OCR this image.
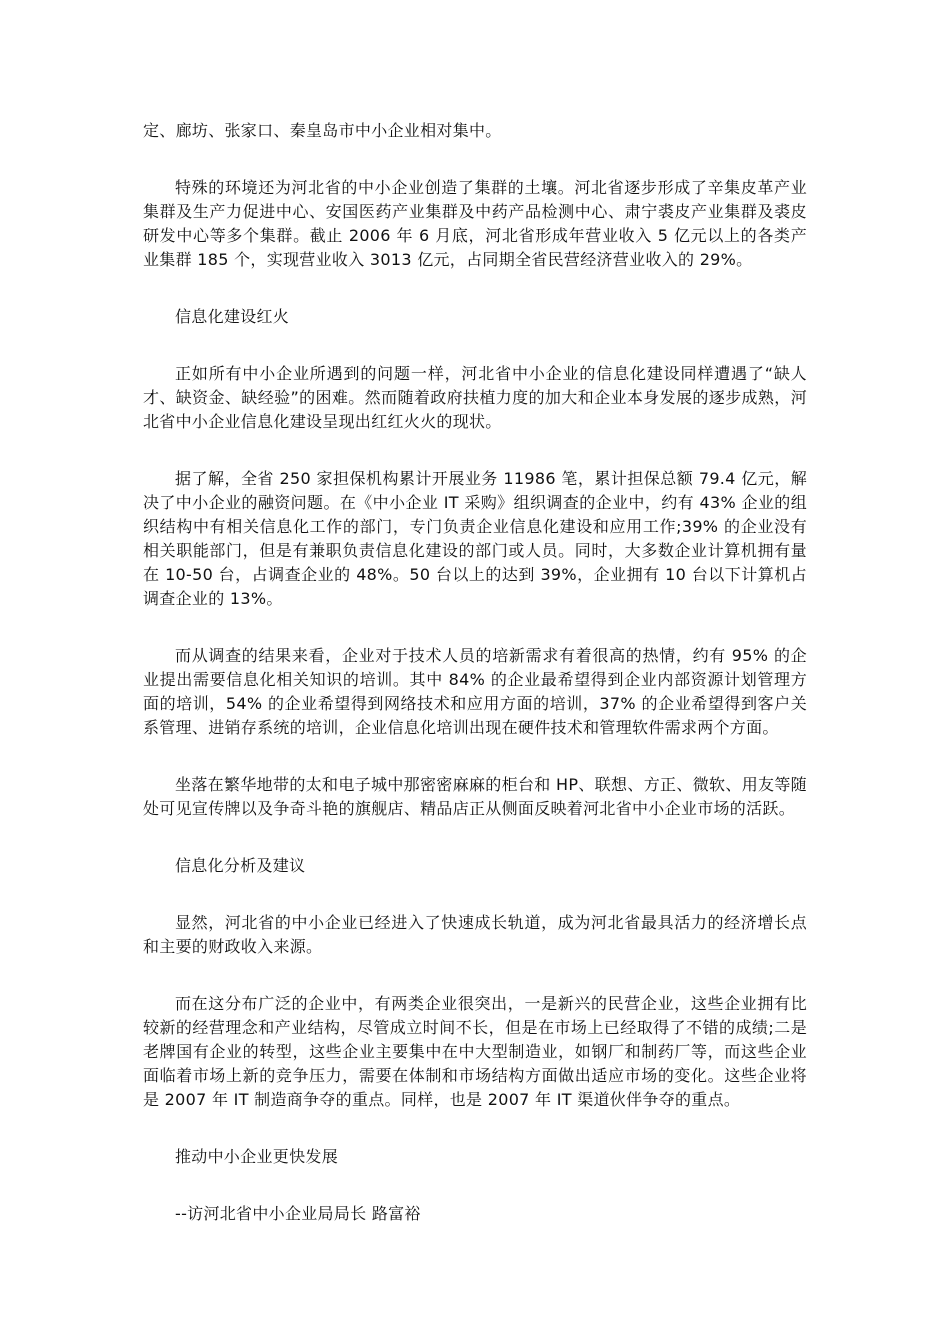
定、廊坊、张家口、秦皇岛市中小企业相对集中。

特殊的环境还为河北省的中小企业创造了集群的土壤。河北省逐步形成了辛集皮革产业集群及生产力促进中心、安国医药产业集群及中药产品检测中心、肃宁裘皮产业集群及裘皮研发中心等多个集群。截止 2006 年 6 月底，河北省形成年营业收入 5 亿元以上的各类产业集群 185 个，实现营业收入 3013 亿元，占同期全省民营经济营业收入的 29%。

信息化建设红火

正如所有中小企业所遇到的问题一样，河北省中小企业的信息化建设同样遭遇了“缺人才、缺资金、缺经验”的困难。然而随着政府扶植力度的加大和企业本身发展的逐步成熟，河北省中小企业信息化建设呈现出红红火火的现状。

据了解，全省 250 家担保机构累计开展业务 11986 笔，累计担保总额 79.4 亿元，解决了中小企业的融资问题。在《中小企业 IT 采购》组织调查的企业中，约有 43% 企业的组织结构中有相关信息化工作的部门，专门负责企业信息化建设和应用工作;39% 的企业没有相关职能部门，但是有兼职负责信息化建设的部门或人员。同时，大多数企业计算机拥有量在 10-50 台，占调查企业的 48%。50 台以上的达到 39%，企业拥有 10 台以下计算机占调查企业的 13%。

而从调查的结果来看，企业对于技术人员的培新需求有着很高的热情，约有 95% 的企业提出需要信息化相关知识的培训。其中 84% 的企业最希望得到企业内部资源计划管理方面的培训，54% 的企业希望得到网络技术和应用方面的培训，37% 的企业希望得到客户关系管理、进销存系统的培训，企业信息化培训出现在硬件技术和管理软件需求两个方面。

坐落在繁华地带的太和电子城中那密密麻麻的柜台和 HP、联想、方正、微软、用友等随处可见宣传牌以及争奇斗艳的旗舰店、精品店正从侧面反映着河北省中小企业市场的活跃。

信息化分析及建议

显然，河北省的中小企业已经进入了快速成长轨道，成为河北省最具活力的经济增长点和主要的财政收入来源。

而在这分布广泛的企业中，有两类企业很突出，一是新兴的民营企业，这些企业拥有比较新的经营理念和产业结构，尽管成立时间不长，但是在市场上已经取得了不错的成绩;二是老牌国有企业的转型，这些企业主要集中在中大型制造业，如钢厂和制药厂等，而这些企业面临着市场上新的竞争压力，需要在体制和市场结构方面做出适应市场的变化。这些企业将是 2007 年 IT 制造商争夺的重点。同样，也是 2007 年 IT 渠道伙伴争夺的重点。

推动中小企业更快发展

--访河北省中小企业局局长 路富裕
